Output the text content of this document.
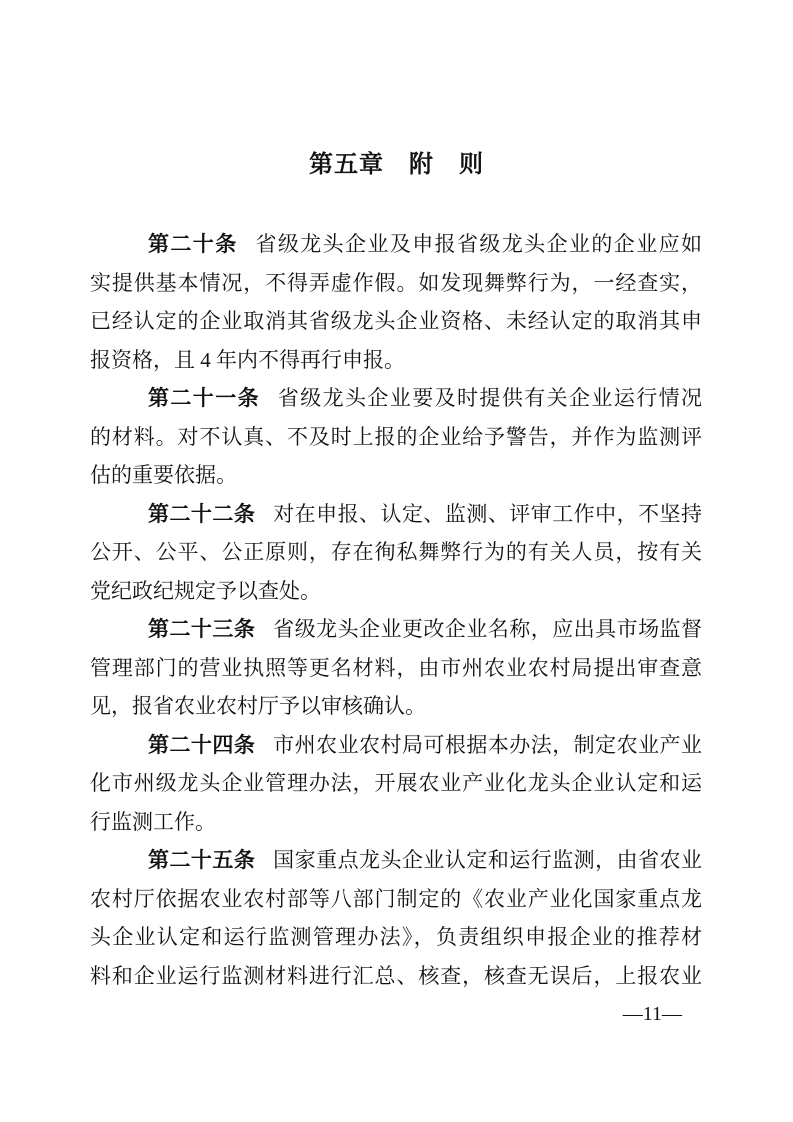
第五章　附　则
第二十条 省级龙头企业及申报省级龙头企业的企业应如
实提供基本情况，不得弄虚作假。如发现舞弊行为，一经查实，
已经认定的企业取消其省级龙头企业资格、未经认定的取消其申
报资格，且 4 年内不得再行申报。
第二十一条 省级龙头企业要及时提供有关企业运行情况
的材料。对不认真、不及时上报的企业给予警告，并作为监测评
估的重要依据。
第二十二条 对在申报、认定、监测、评审工作中，不坚持
公开、公平、公正原则，存在徇私舞弊行为的有关人员，按有关
党纪政纪规定予以查处。
第二十三条 省级龙头企业更改企业名称，应出具市场监督
管理部门的营业执照等更名材料，由市州农业农村局提出审查意
见，报省农业农村厅予以审核确认。
第二十四条 市州农业农村局可根据本办法，制定农业产业
化市州级龙头企业管理办法，开展农业产业化龙头企业认定和运
行监测工作。
第二十五条 国家重点龙头企业认定和运行监测，由省农业
农村厅依据农业农村部等八部门制定的《农业产业化国家重点龙
头企业认定和运行监测管理办法》，负责组织申报企业的推荐材
料和企业运行监测材料进行汇总、核查，核查无误后，上报农业
—11—
